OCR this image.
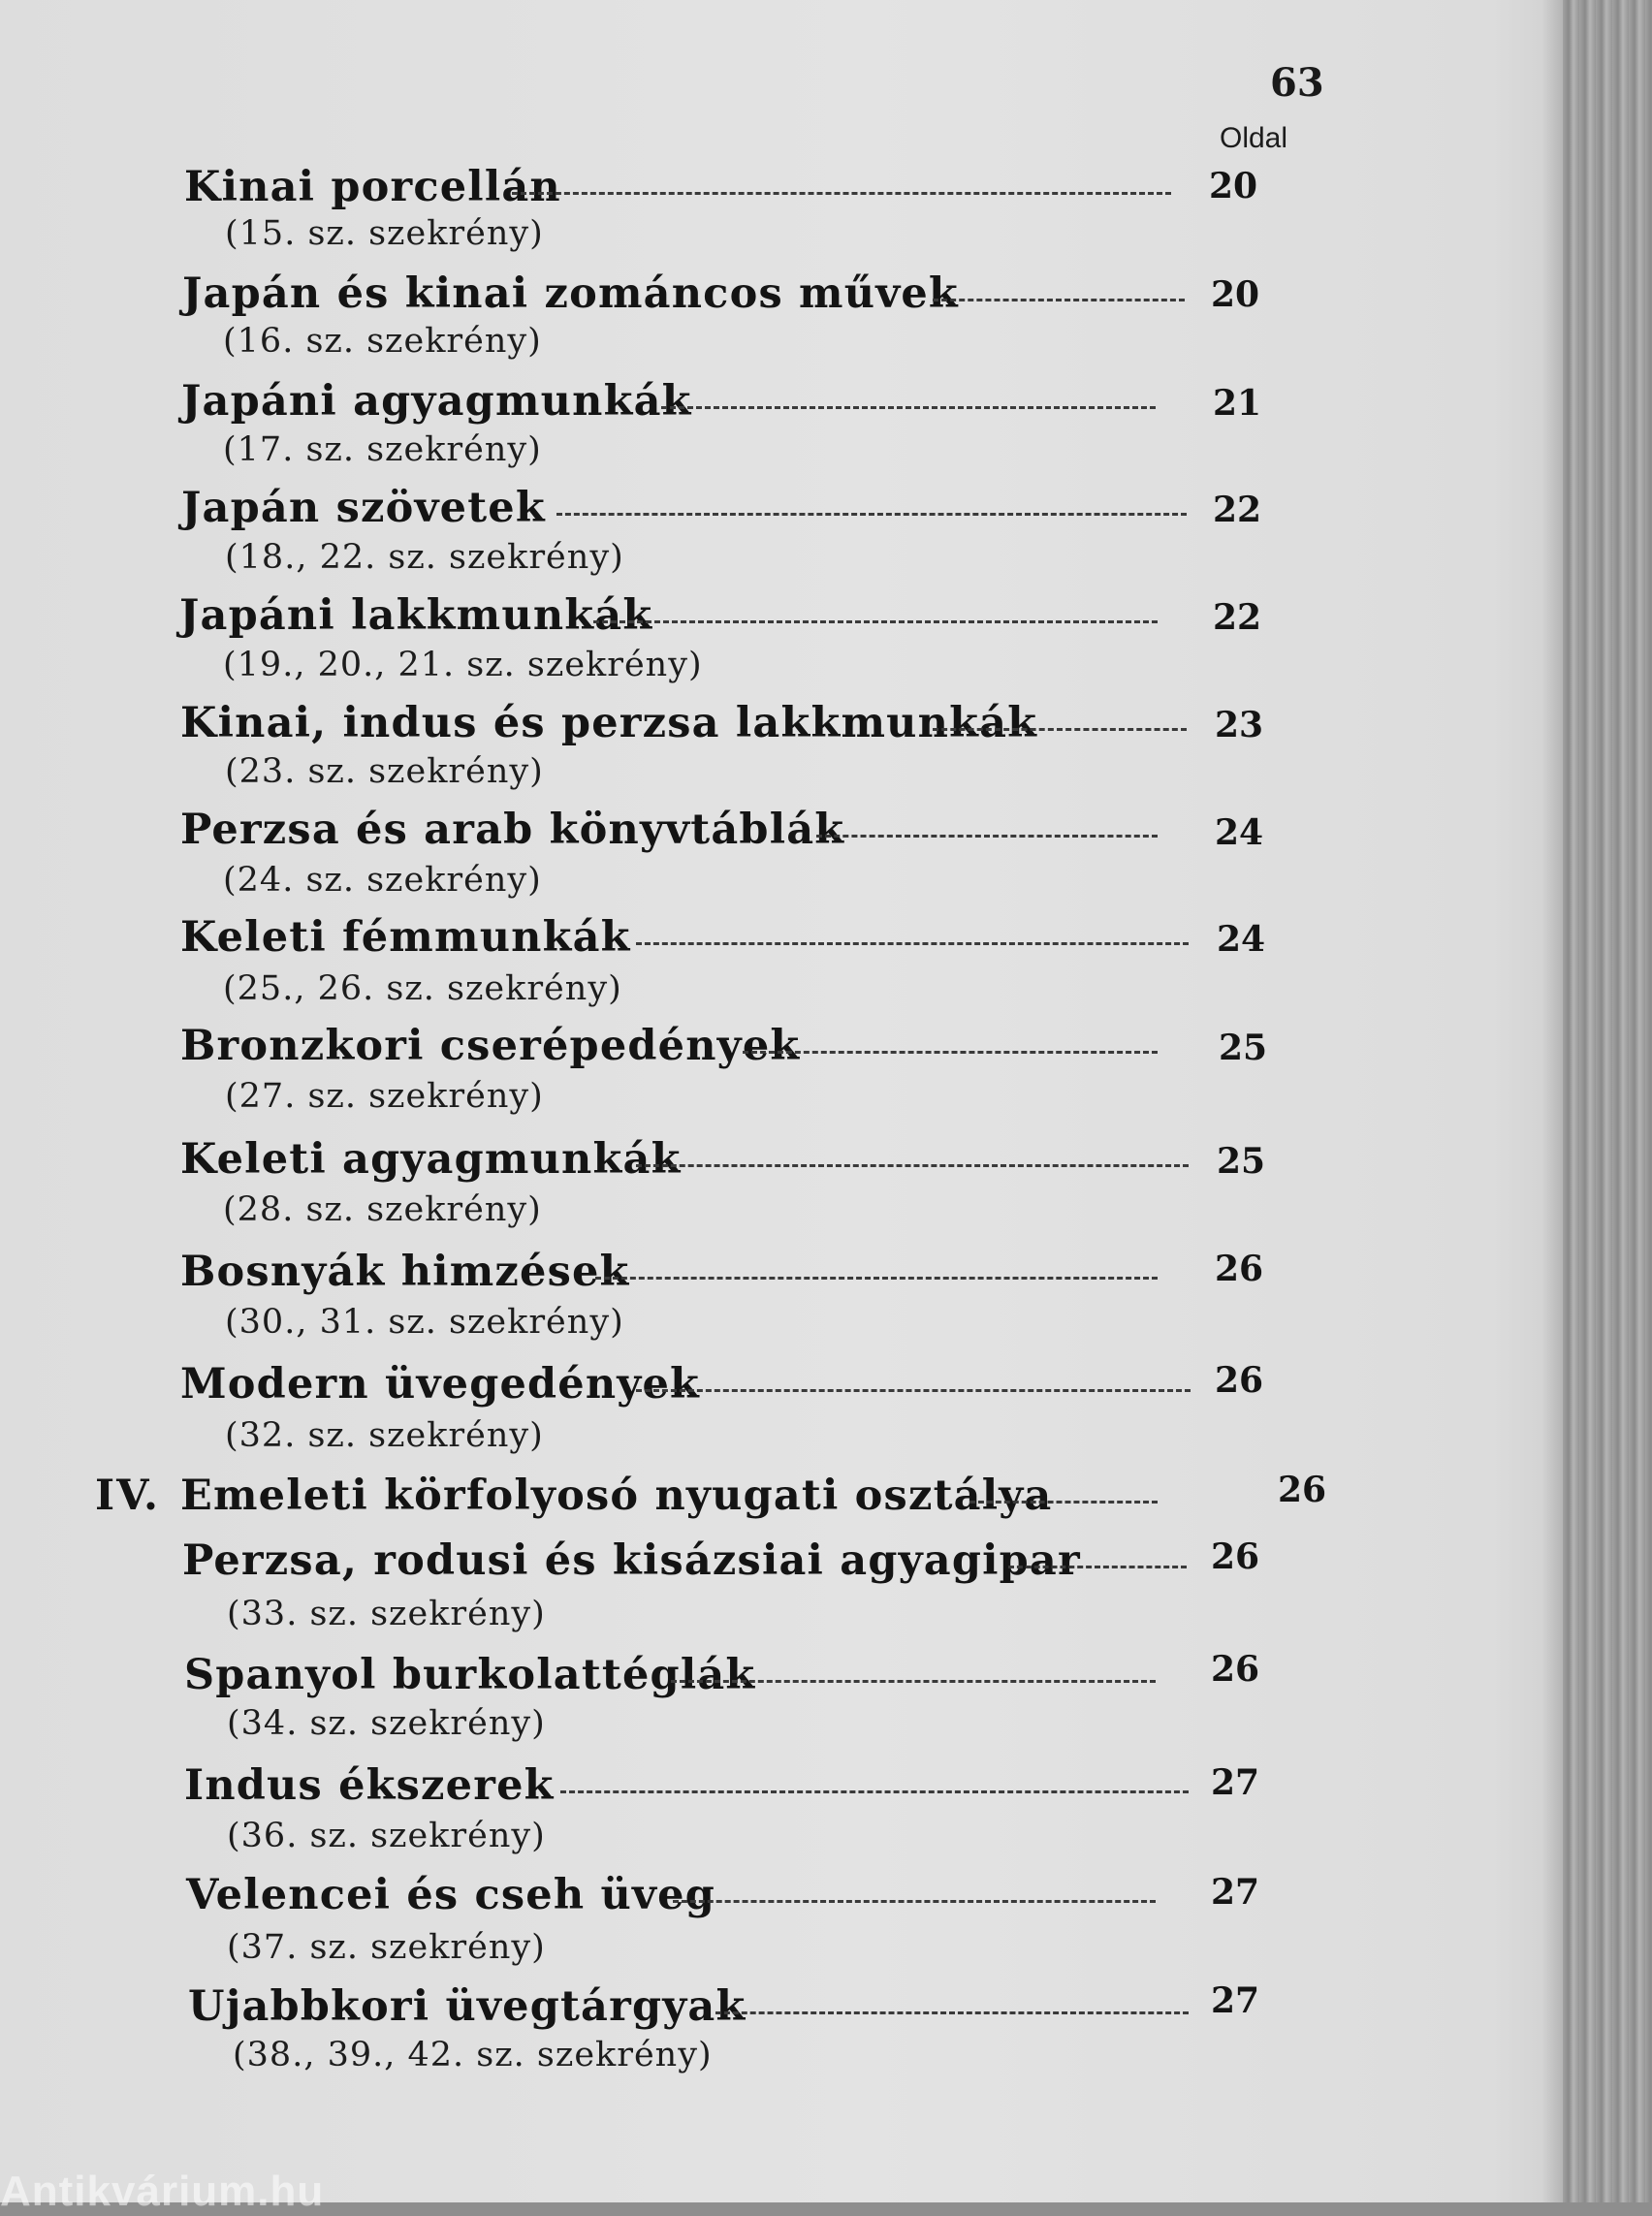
63
Oldal
Kinai porcellán	20
(15. sz. szekrény)
Japán és kinai zománcos művek	20
(16. sz. szekrény)
Japáni agyagmunkák	21
(17. sz. szekrény)
Japán szövetek	22
(18., 22. sz. szekrény)
Japáni lakkmunkák	22
(19., 20., 21. sz. szekrény)
Kinai, indus és perzsa lakkmunkák	23
(23. sz. szekrény)
Perzsa és arab könyvtáblák	24
(24. sz. szekrény)
Keleti fémmunkák	24
(25., 26. sz. szekrény)
Bronzkori cserépedények	25
(27. sz. szekrény)
Keleti agyagmunkák	25
(28. sz. szekrény)
Bosnyák himzések	26
(30., 31. sz. szekrény)
Modern üvegedények	26
(32. sz. szekrény)
IV. Emeleti körfolyosó nyugati osztálya	26
Perzsa, rodusi és kisázsiai agyagipar	26
(33. sz. szekrény)
Spanyol burkolattéglák	26
(34. sz. szekrény)
Indus ékszerek	27
(36. sz. szekrény)
Velencei és cseh üveg	27
(37. sz. szekrény)
Ujabbkori üvegtárgyak	27
(38., 39., 42. sz. szekrény)
Antikvárium.hu
